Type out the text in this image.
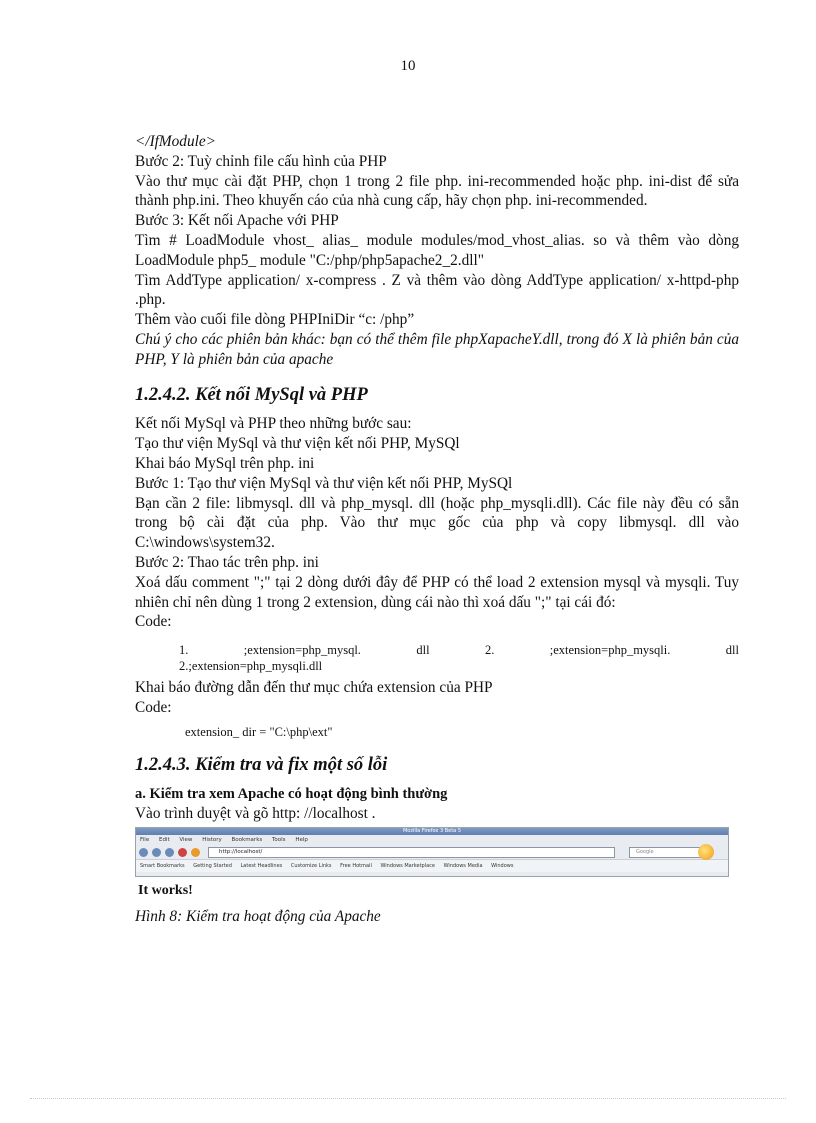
10

</IfModule>

Bước 2: Tuỳ chỉnh file cấu hình của PHP

Vào thư mục cài đặt PHP, chọn 1 trong 2 file php. ini-recommended hoặc php. ini-dist để sửa thành php.ini. Theo khuyến cáo của nhà cung cấp, hãy chọn php. ini-recommended.

Bước 3: Kết nối Apache với PHP

Tìm # LoadModule vhost_ alias_ module modules/mod_vhost_alias. so và thêm vào dòng LoadModule php5_ module "C:/php/php5apache2_2.dll"

Tìm AddType application/ x-compress . Z và thêm vào dòng AddType application/ x-httpd-php .php.

Thêm vào cuối file dòng PHPIniDir “c: /php”

Chú ý cho các phiên bản khác: bạn có thể thêm file phpXapacheY.dll, trong đó X là phiên bản của PHP, Y là phiên bản của apache

1.2.4.2. Kết nối MySql và PHP

Kết nối MySql và PHP theo những bước sau:

Tạo thư viện MySql và thư viện kết nối PHP, MySQl

Khai báo MySql trên php. ini

Bước 1: Tạo thư viện MySql và thư viện kết nối PHP, MySQl

Bạn cần 2 file: libmysql. dll và php_mysql. dll (hoặc php_mysqli.dll). Các file này đều có sẵn trong bộ cài đặt của php. Vào thư mục gốc của php và copy libmysql. dll vào C:\windows\system32.

Bước 2: Thao tác trên php. ini

Xoá dấu comment ";" tại 2 dòng dưới đây để PHP có thể load 2 extension mysql và mysqli. Tuy nhiên chỉ nên dùng 1 trong 2 extension, dùng cái nào thì xoá dấu ";" tại cái đó:

Code:

1.	;extension=php_mysql.	dll	2.	;extension=php_mysqli.	dll
2.;extension=php_mysqli.dll

Khai báo đường dẫn đến thư mục chứa extension của PHP

Code:

extension_ dir = "C:\php\ext"

1.2.4.3. Kiểm tra và fix một số lỗi

a. Kiểm tra xem Apache có hoạt động bình thường

Vào trình duyệt và gõ http: //localhost .

Mozilla Firefox 3 Beta 5
File Edit View History Bookmarks Tools Help
http://localhost/	Google
Smart Bookmarks Getting Started Latest Headlines Customize Links Free Hotmail Windows Marketplace Windows Media Windows

It works!

Hình 8: Kiểm tra hoạt động của Apache
